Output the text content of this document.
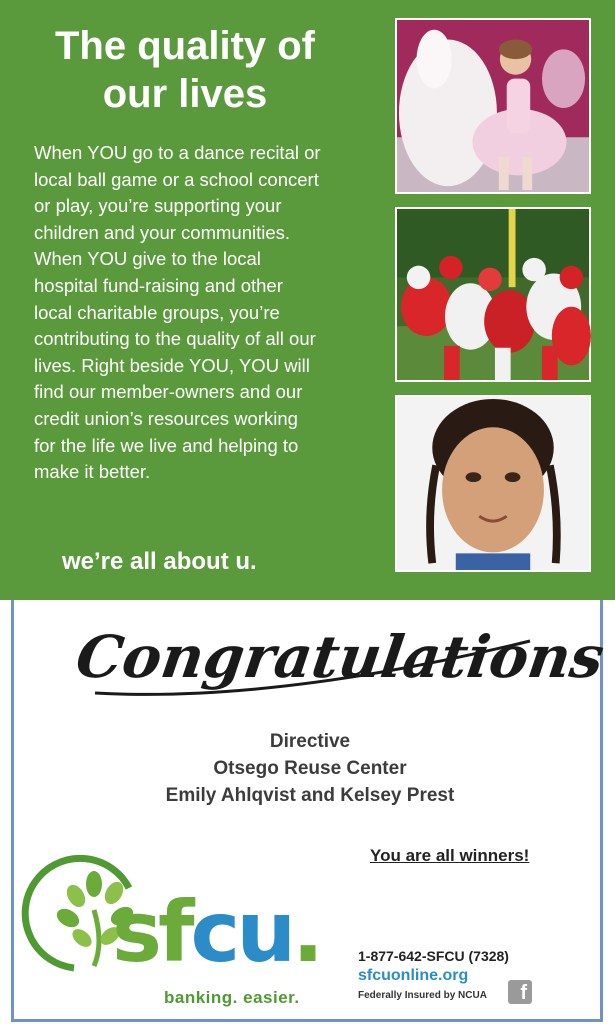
The quality of
our lives
When YOU go to a dance recital or
local ball game or a school concert
or play, you’re supporting your
children and your communities.
When YOU give to the local
hospital fund-raising and other
local charitable groups, you’re
contributing to the quality of all our
lives. Right beside YOU, YOU will
find our member-owners and our
credit union’s resources working
for the life we live and helping to
make it better.
we’re all about u.
Congratulations
Directive
Otsego Reuse Center
Emily Ahlqvist and Kelsey Prest
You are all winners!
sfcu.
banking. easier.
1-877-642-SFCU (7328)
sfcuonline.org
Federally Insured by NCUA	f
